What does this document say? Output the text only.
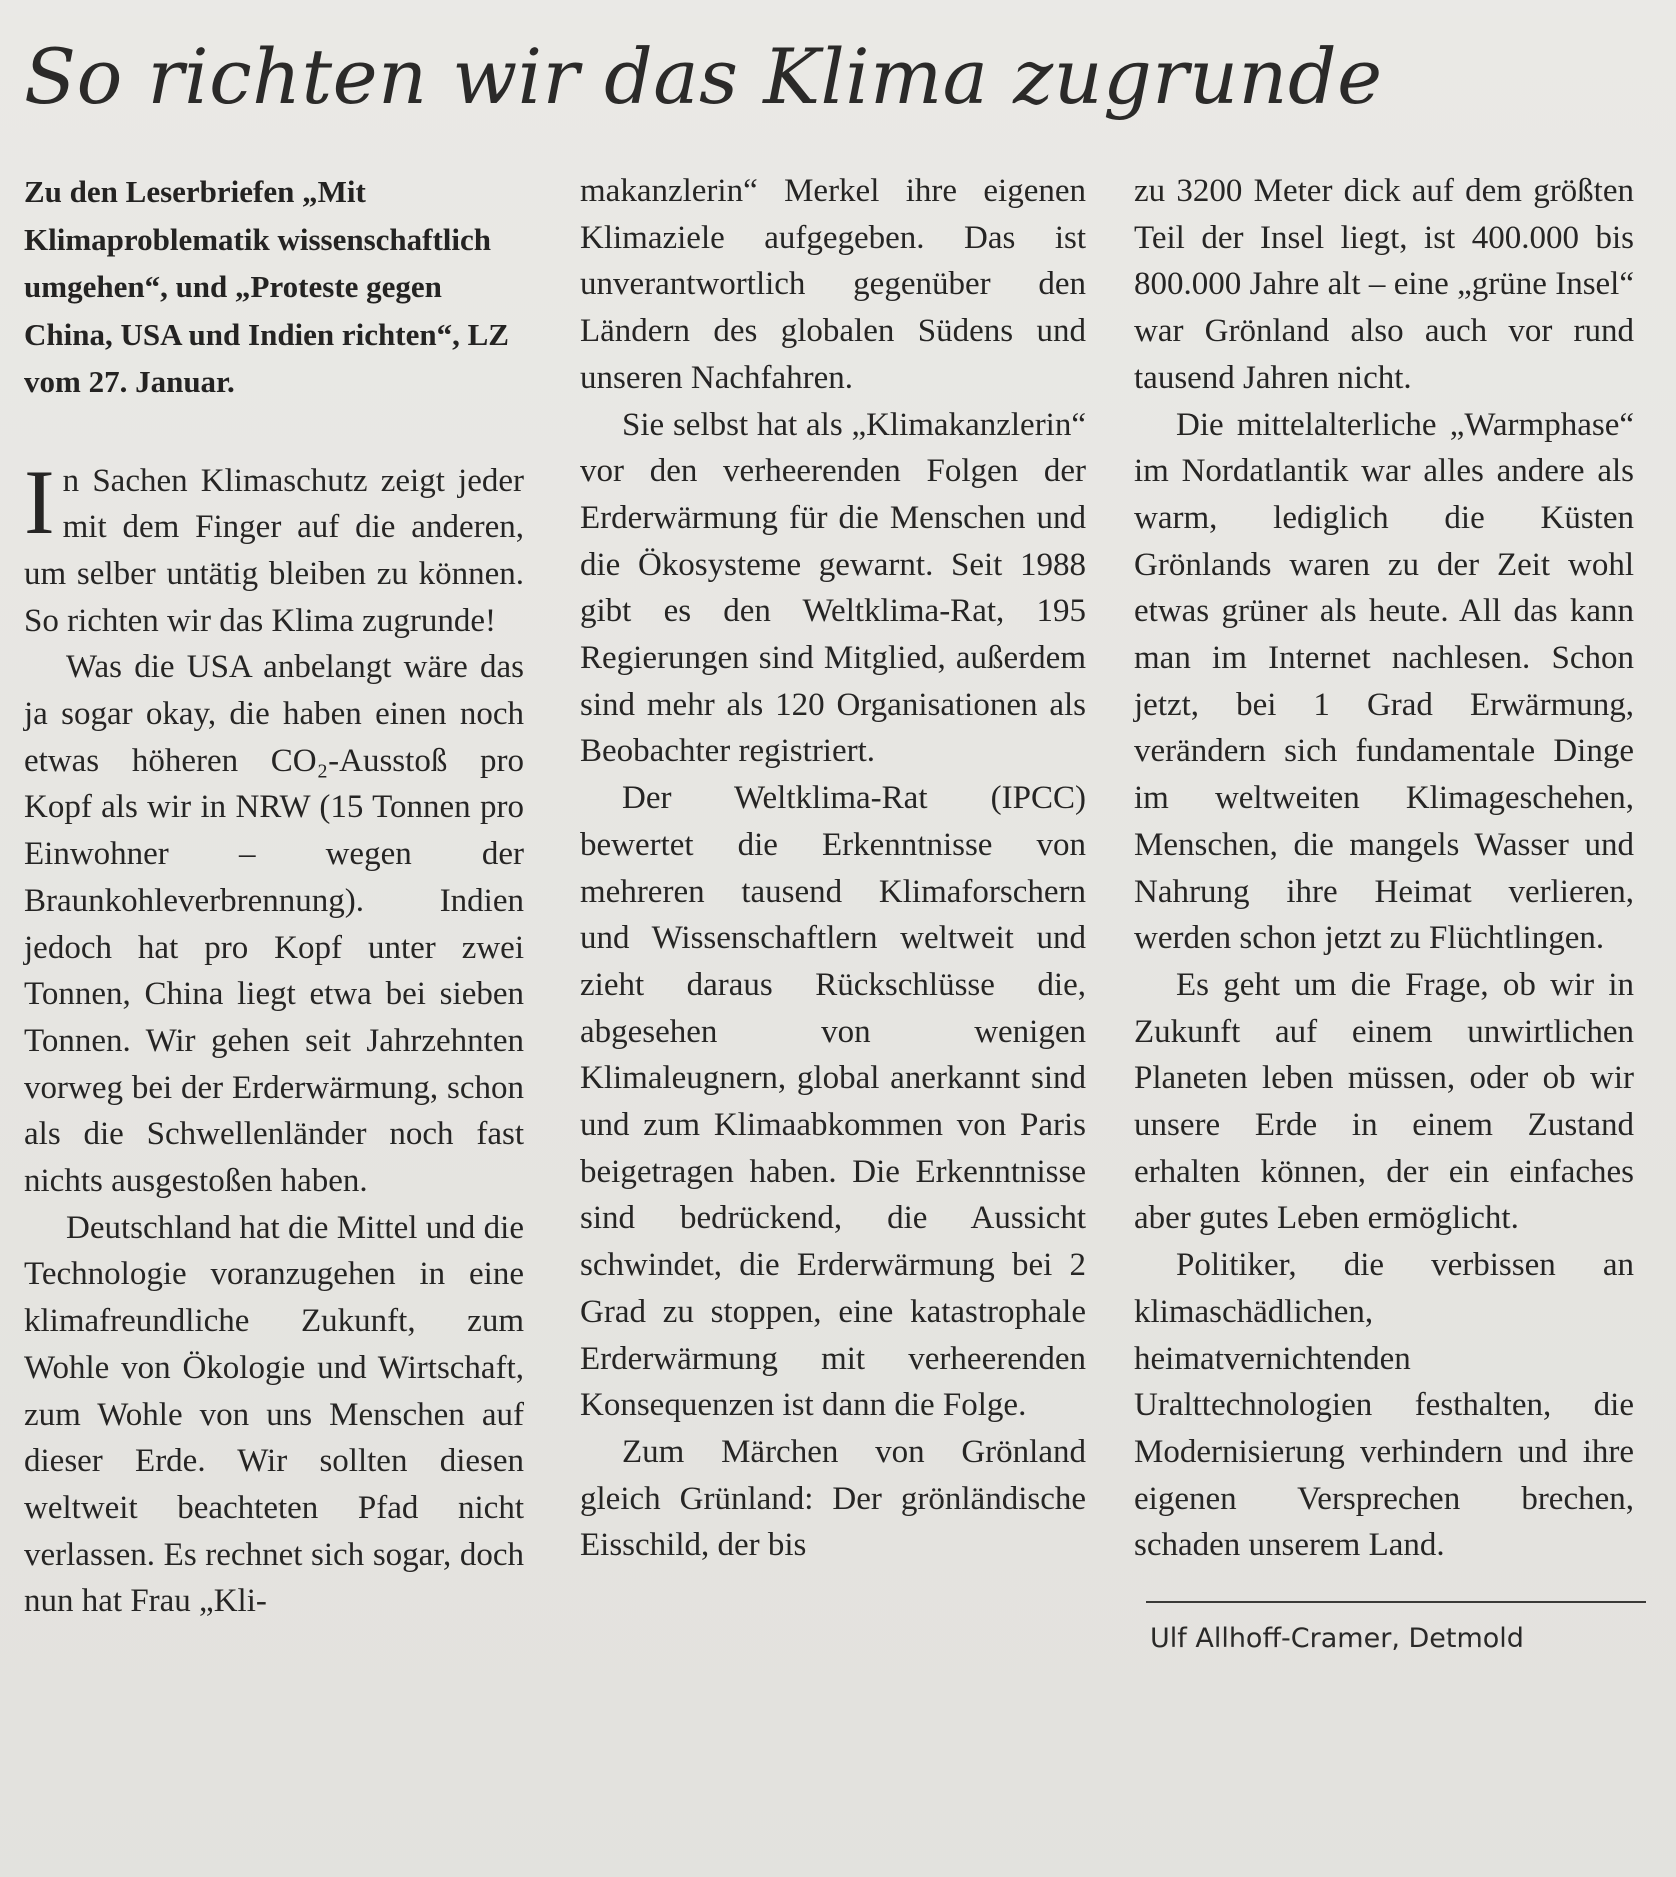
So richten wir das Klima zugrunde

Zu den Leserbriefen „Mit Klimaproblematik wissenschaftlich umgehen“, und „Proteste gegen China, USA und Indien richten“, LZ vom 27. Januar.

In Sachen Klimaschutz zeigt jeder mit dem Finger auf die anderen, um selber untätig bleiben zu können. So richten wir das Klima zugrunde!

Was die USA anbelangt wäre das ja sogar okay, die haben einen noch etwas höheren CO₂-Ausstoß pro Kopf als wir in NRW (15 Tonnen pro Einwohner – wegen der Braunkohleverbrennung). Indien jedoch hat pro Kopf unter zwei Tonnen, China liegt etwa bei sieben Tonnen. Wir gehen seit Jahrzehnten vorweg bei der Erderwärmung, schon als die Schwellenländer noch fast nichts ausgestoßen haben.

Deutschland hat die Mittel und die Technologie voranzugehen in eine klimafreundliche Zukunft, zum Wohle von Ökologie und Wirtschaft, zum Wohle von uns Menschen auf dieser Erde. Wir sollten diesen weltweit beachteten Pfad nicht verlassen. Es rechnet sich sogar, doch nun hat Frau „Kli-

makanzlerin“ Merkel ihre eigenen Klimaziele aufgegeben. Das ist unverantwortlich gegenüber den Ländern des globalen Südens und unseren Nachfahren.

Sie selbst hat als „Klimakanzlerin“ vor den verheerenden Folgen der Erderwärmung für die Menschen und die Ökosysteme gewarnt. Seit 1988 gibt es den Weltklima-Rat, 195 Regierungen sind Mitglied, außerdem sind mehr als 120 Organisationen als Beobachter registriert.

Der Weltklima-Rat (IPCC) bewertet die Erkenntnisse von mehreren tausend Klimaforschern und Wissenschaftlern weltweit und zieht daraus Rückschlüsse die, abgesehen von wenigen Klimaleugnern, global anerkannt sind und zum Klimaabkommen von Paris beigetragen haben. Die Erkenntnisse sind bedrückend, die Aussicht schwindet, die Erderwärmung bei 2 Grad zu stoppen, eine katastrophale Erderwärmung mit verheerenden Konsequenzen ist dann die Folge.

Zum Märchen von Grönland gleich Grünland: Der grönländische Eisschild, der bis

zu 3200 Meter dick auf dem größten Teil der Insel liegt, ist 400.000 bis 800.000 Jahre alt – eine „grüne Insel“ war Grönland also auch vor rund tausend Jahren nicht.

Die mittelalterliche „Warmphase“ im Nordatlantik war alles andere als warm, lediglich die Küsten Grönlands waren zu der Zeit wohl etwas grüner als heute. All das kann man im Internet nachlesen. Schon jetzt, bei 1 Grad Erwärmung, verändern sich fundamentale Dinge im weltweiten Klimageschehen, Menschen, die mangels Wasser und Nahrung ihre Heimat verlieren, werden schon jetzt zu Flüchtlingen.

Es geht um die Frage, ob wir in Zukunft auf einem unwirtlichen Planeten leben müssen, oder ob wir unsere Erde in einem Zustand erhalten können, der ein einfaches aber gutes Leben ermöglicht.

Politiker, die verbissen an klimaschädlichen, heimatvernichtenden Uralttechnologien festhalten, die Modernisierung verhindern und ihre eigenen Versprechen brechen, schaden unserem Land.

Ulf Allhoff-Cramer, Detmold
